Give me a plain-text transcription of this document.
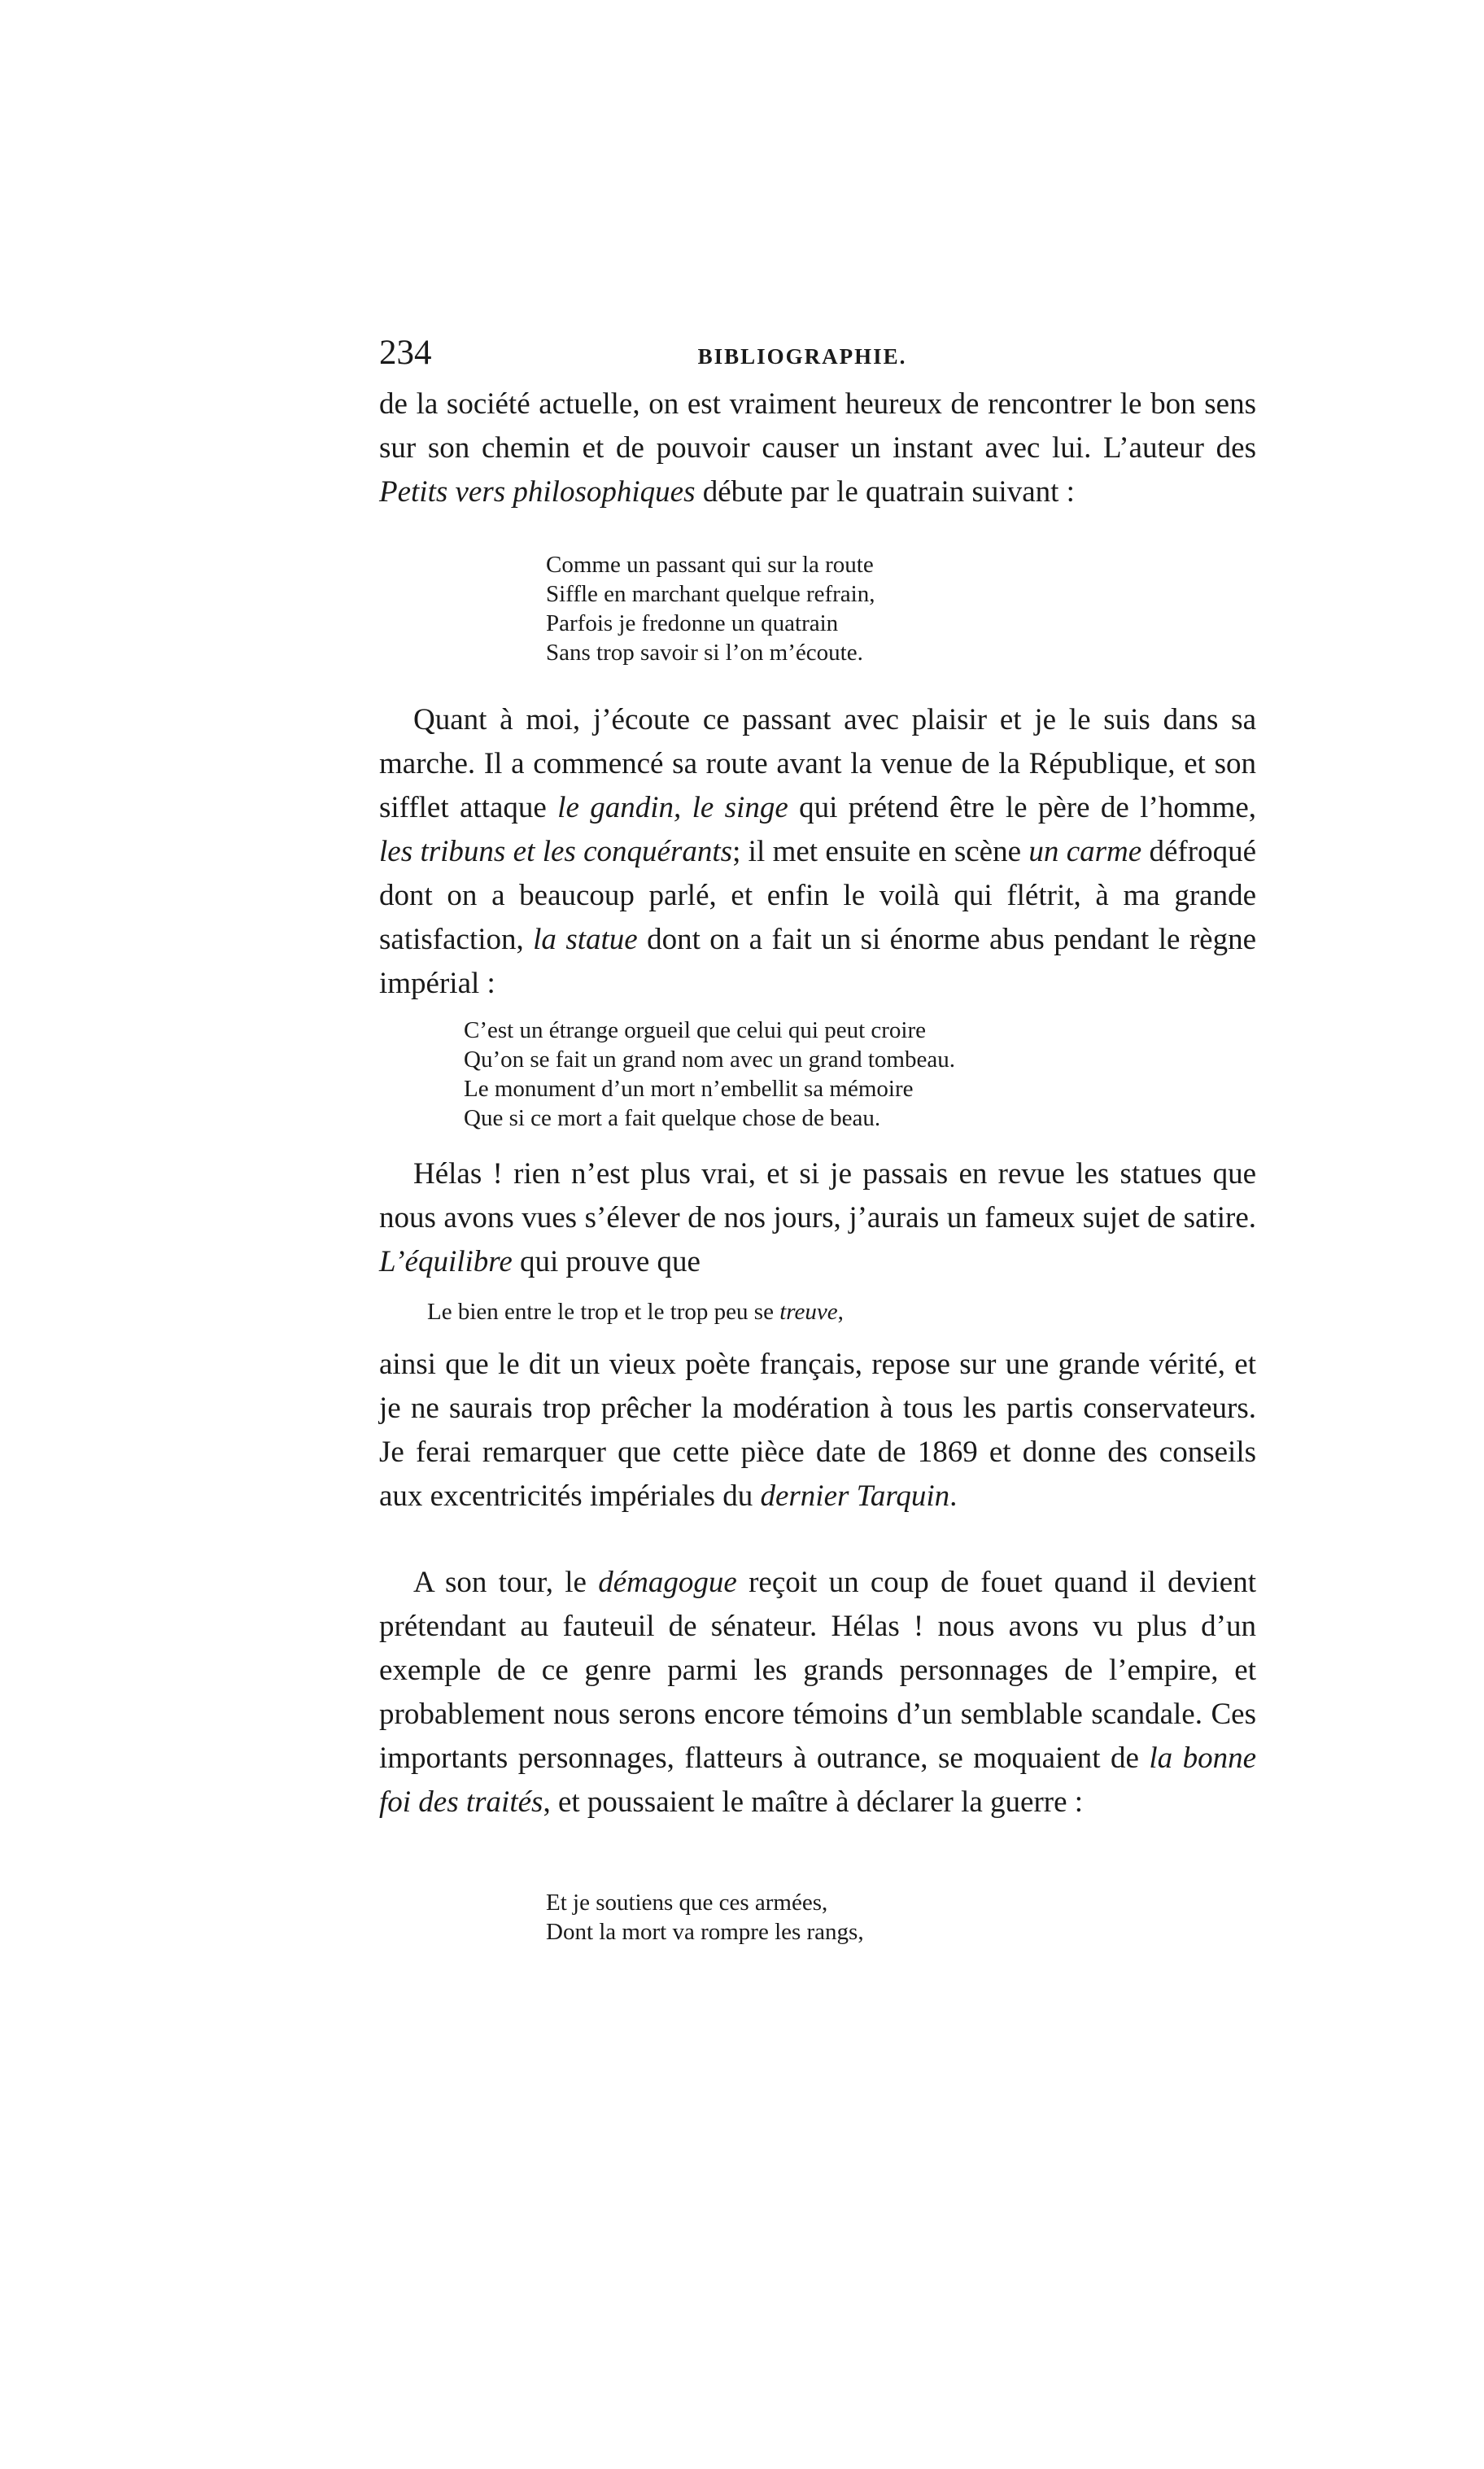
234	BIBLIOGRAPHIE.

de la société actuelle, on est vraiment heureux de rencontrer le bon sens sur son chemin et de pouvoir causer un instant avec lui. L’auteur des Petits vers philosophiques débute par le quatrain suivant :

Comme un passant qui sur la route
Siffle en marchant quelque refrain,
Parfois je fredonne un quatrain
Sans trop savoir si l’on m’écoute.

Quant à moi, j’écoute ce passant avec plaisir et je le suis dans sa marche. Il a commencé sa route avant la venue de la République, et son sifflet attaque le gandin, le singe qui prétend être le père de l’homme, les tribuns et les conquérants; il met ensuite en scène un carme défroqué dont on a beaucoup parlé, et enfin le voilà qui flétrit, à ma grande satisfaction, la statue dont on a fait un si énorme abus pendant le règne impérial :

C’est un étrange orgueil que celui qui peut croire
Qu’on se fait un grand nom avec un grand tombeau.
Le monument d’un mort n’embellit sa mémoire
Que si ce mort a fait quelque chose de beau.

Hélas ! rien n’est plus vrai, et si je passais en revue les statues que nous avons vues s’élever de nos jours, j’aurais un fameux sujet de satire. L’équilibre qui prouve que

Le bien entre le trop et le trop peu se treuve,

ainsi que le dit un vieux poète français, repose sur une grande vérité, et je ne saurais trop prêcher la modération à tous les partis conservateurs. Je ferai remarquer que cette pièce date de 1869 et donne des conseils aux excentricités impériales du dernier Tarquin.

A son tour, le démagogue reçoit un coup de fouet quand il devient prétendant au fauteuil de sénateur. Hélas ! nous avons vu plus d’un exemple de ce genre parmi les grands personnages de l’empire, et probablement nous serons encore témoins d’un semblable scandale. Ces importants personnages, flatteurs à outrance, se moquaient de la bonne foi des traités, et poussaient le maître à déclarer la guerre :

Et je soutiens que ces armées,
Dont la mort va rompre les rangs,
